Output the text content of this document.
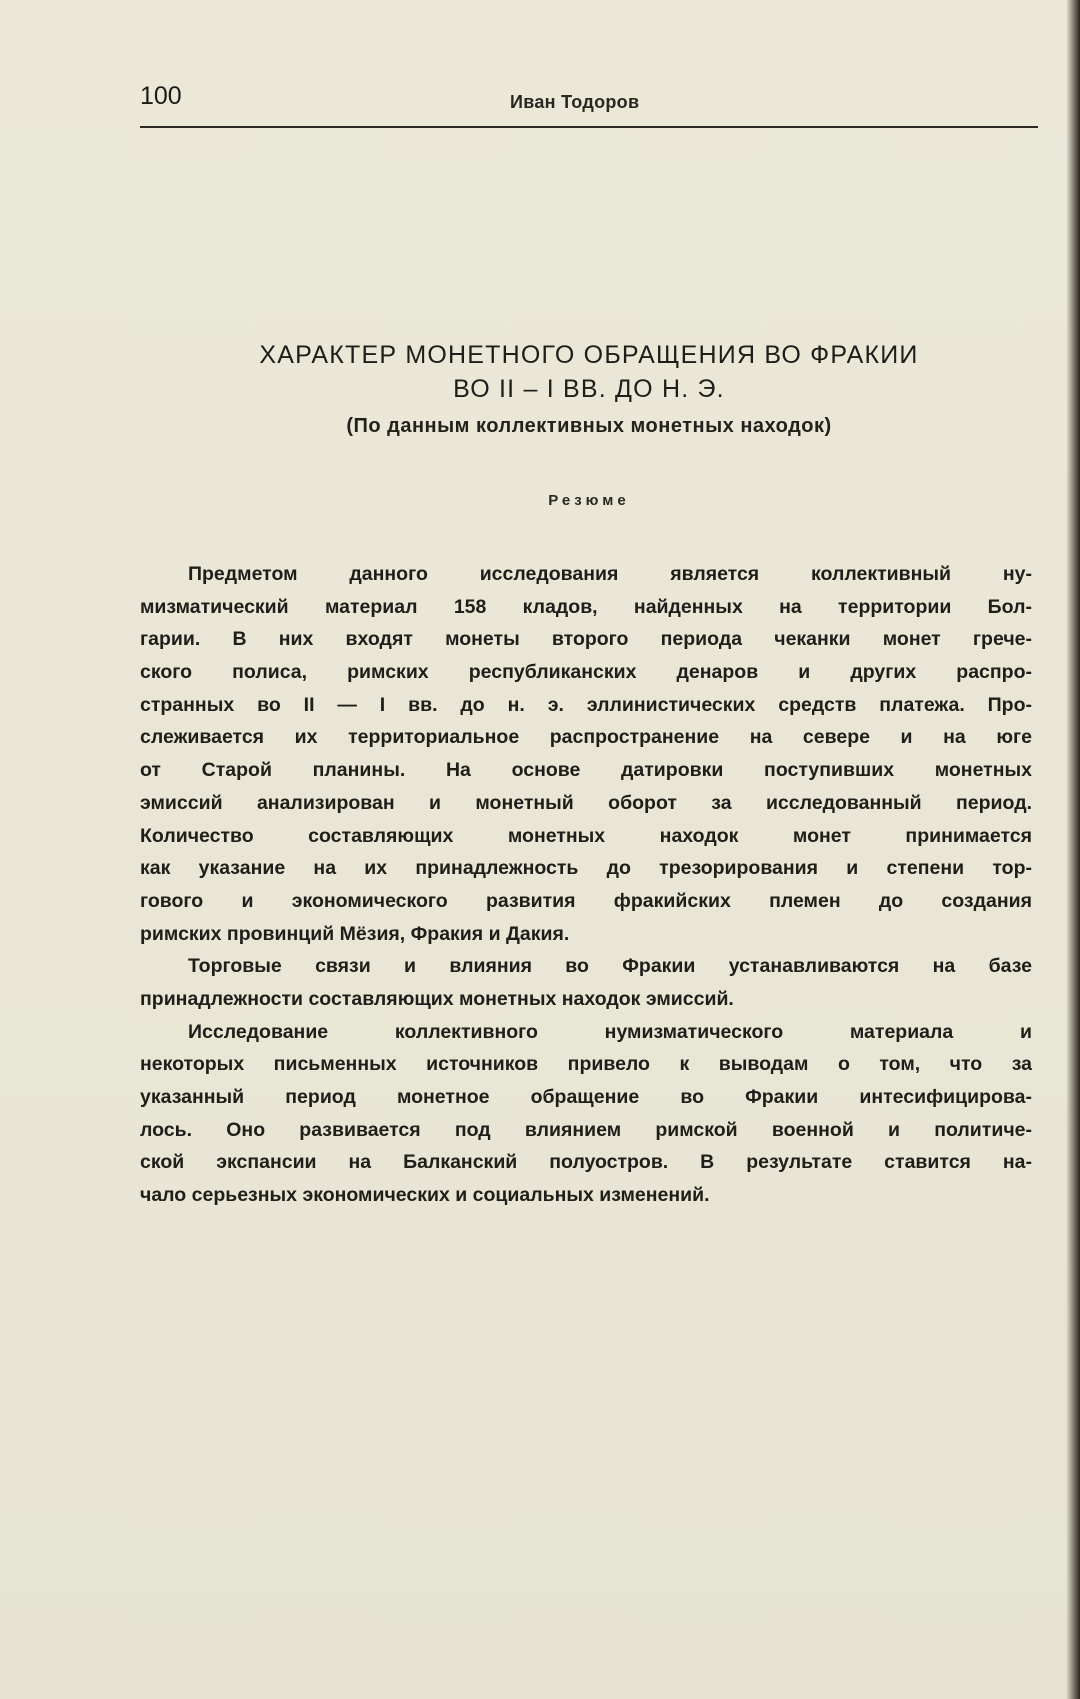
100	Иван Тодоров
ХАРАКТЕР МОНЕТНОГО ОБРАЩЕНИЯ ВО ФРАКИИ
ВО II – I ВВ. ДО Н. Э.
(По данным коллективных монетных находок)
Резюме
Предметом данного исследования является коллективный ну-
мизматический материал 158 кладов, найденных на территории Бол-
гарии. В них входят монеты второго периода чеканки монет грече-
ского полиса, римских республиканских денаров и других распро-
странных во II — I вв. до н. э. эллинистических средств платежа. Про-
слеживается их территориальное распространение на севере и на юге
от Старой планины. На основе датировки поступивших монетных
эмиссий анализирован и монетный оборот за исследованный период.
Количество составляющих монетных находок монет принимается
как указание на их принадлежность до трезорирования и степени тор-
гового и экономического развития фракийских племен до создания
римских провинций Мёзия, Фракия и Дакия.
Торговые связи и влияния во Фракии устанавливаются на базе
принадлежности составляющих монетных находок эмиссий.
Исследование коллективного нумизматического материала и
некоторых письменных источников привело к выводам о том, что за
указанный период монетное обращение во Фракии интесифицирова-
лось. Оно развивается под влиянием римской военной и политиче-
ской экспансии на Балканский полуостров. В результате ставится на-
чало серьезных экономических и социальных изменений.
